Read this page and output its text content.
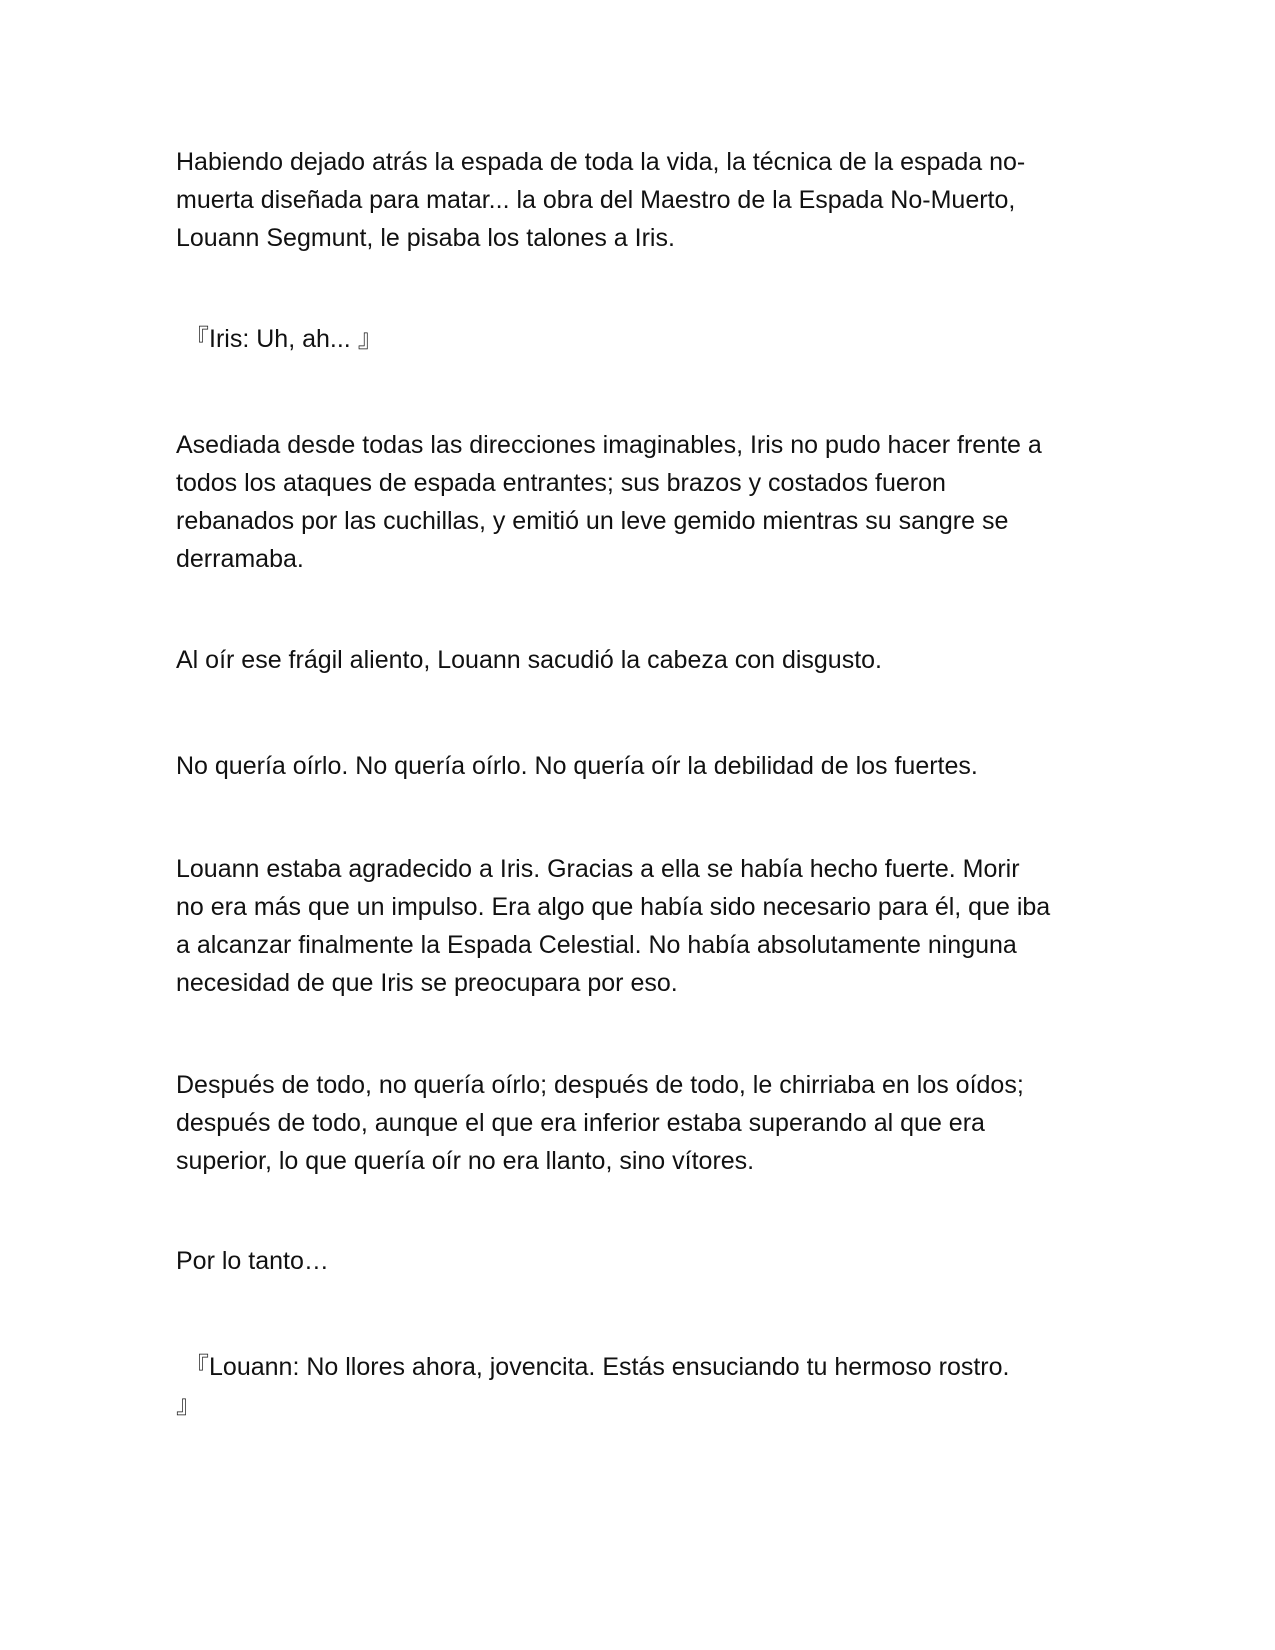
Habiendo dejado atrás la espada de toda la vida, la técnica de la espada no-
muerta diseñada para matar... la obra del Maestro de la Espada No-Muerto,
Louann Segmunt, le pisaba los talones a Iris.

『Iris: Uh, ah... 』

Asediada desde todas las direcciones imaginables, Iris no pudo hacer frente a
todos los ataques de espada entrantes; sus brazos y costados fueron
rebanados por las cuchillas, y emitió un leve gemido mientras su sangre se
derramaba.

Al oír ese frágil aliento, Louann sacudió la cabeza con disgusto.

No quería oírlo. No quería oírlo. No quería oír la debilidad de los fuertes.

Louann estaba agradecido a Iris. Gracias a ella se había hecho fuerte. Morir
no era más que un impulso. Era algo que había sido necesario para él, que iba
a alcanzar finalmente la Espada Celestial. No había absolutamente ninguna
necesidad de que Iris se preocupara por eso.

Después de todo, no quería oírlo; después de todo, le chirriaba en los oídos;
después de todo, aunque el que era inferior estaba superando al que era
superior, lo que quería oír no era llanto, sino vítores.

Por lo tanto…

『Louann: No llores ahora, jovencita. Estás ensuciando tu hermoso rostro.
』
